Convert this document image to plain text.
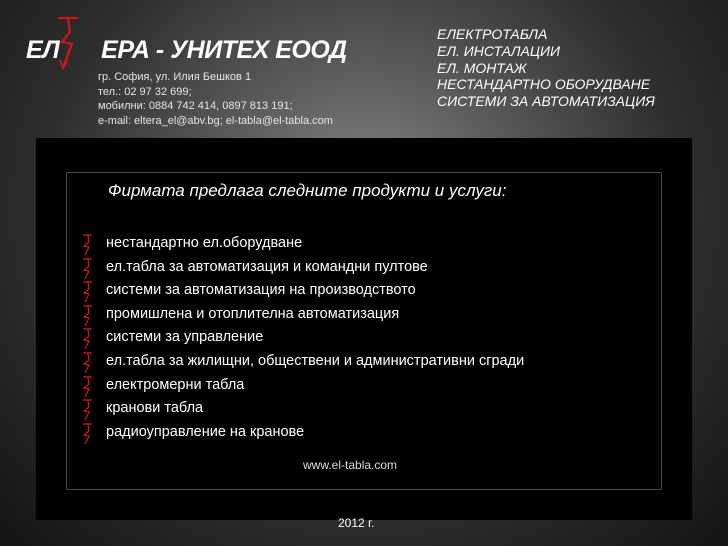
ЕЛ ЕРА - УНИТЕХ ЕООД
гр. София, ул. Илия Бешков 1
тел.: 02 97 32 699;
мобилни: 0884 742 414, 0897 813 191;
e-mail: eltera_el@abv.bg; el-tabla@el-tabla.com
ЕЛЕКТРОТАБЛА
ЕЛ. ИНСТАЛАЦИИ
ЕЛ. МОНТАЖ
НЕСТАНДАРТНО ОБОРУДВАНЕ
СИСТЕМИ ЗА АВТОМАТИЗАЦИЯ
Фирмата предлага следните продукти и услуги:
нестандартно ел.оборудване
ел.табла за автоматизация и командни пултове
системи за автоматизация на производството
промишлена и отоплителна автоматизация
системи за управление
ел.табла за жилищни, обществени и административни сгради
електромерни табла
кранови табла
радиоуправление на кранове
www.el-tabla.com
2012 г.
